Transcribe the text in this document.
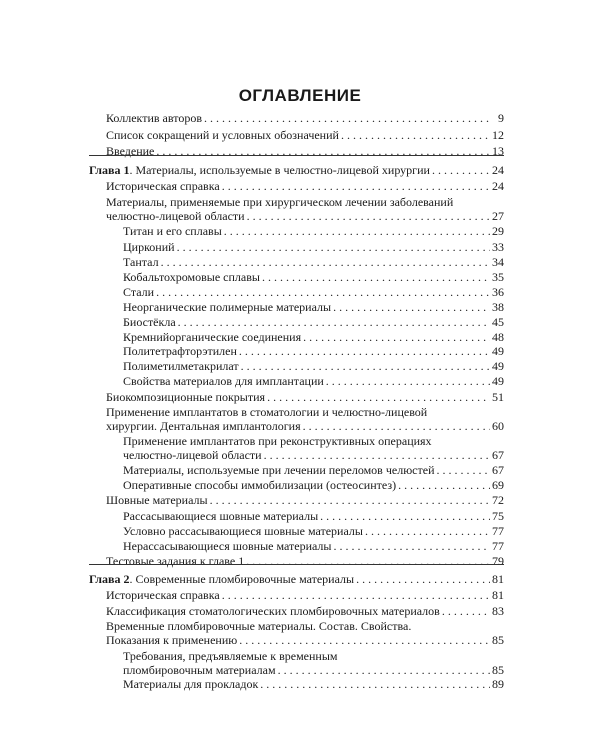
ОГЛАВЛЕНИЕ
Коллектив авторов . . .	9
Список сокращений и условных обозначений . . .	12
Введение . . .	13
Глава 1 . Материалы, используемые в челюстно-лицевой хирургии . . .	24
Историческая справка . . .	24
Материалы, применяемые при хирургическом лечении заболеваний
челюстно-лицевой области . . .	27
Титан и его сплавы . . .	29
Цирконий . . .	33
Тантал . . .	34
Кобальтохромовые сплавы . . .	35
Стали . . .	36
Неорганические полимерные материалы . . .	38
Биостёкла . . .	45
Кремнийорганические соединения . . .	48
Политетрафторэтилен . . .	49
Полиметилметакрилат . . .	49
Свойства материалов для имплантации . . .	49
Биокомпозиционные покрытия . . .	51
Применение имплантатов в стоматологии и челюстно-лицевой
хирургии. Дентальная имплантология . . .	60
Применение имплантатов при реконструктивных операциях
челюстно-лицевой области . . .	67
Материалы, используемые при лечении переломов челюстей . . .	67
Оперативные способы иммобилизации (остеосинтез) . . .	69
Шовные материалы . . .	72
Рассасывающиеся шовные материалы . . .	75
Условно рассасывающиеся шовные материалы . . .	77
Нерассасывающиеся шовные материалы . . .	77
Тестовые задания к главе 1 . . .	79
Глава 2 . Современные пломбировочные материалы . . .	81
Историческая справка . . .	81
Классификация стоматологических пломбировочных материалов . . .	83
Временные пломбировочные материалы. Состав. Свойства.
Показания к применению . . .	85
Требования, предъявляемые к временным
пломбировочным материалам . . .	85
Материалы для прокладок . . .	89
